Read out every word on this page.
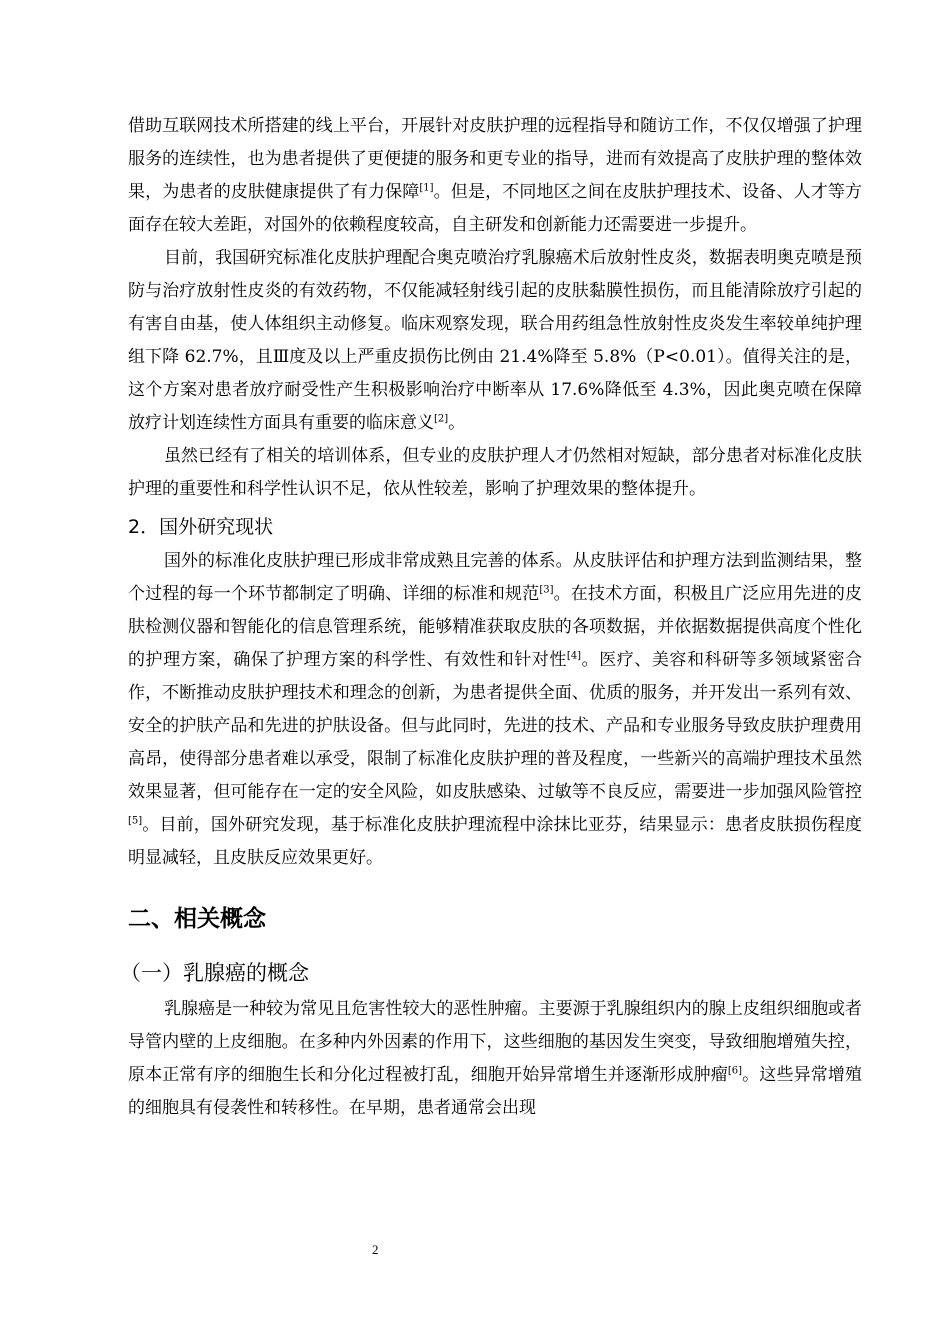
借助互联网技术所搭建的线上平台，开展针对皮肤护理的远程指导和随访工作，不仅仅增强了护理服务的连续性，也为患者提供了更便捷的服务和更专业的指导，进而有效提高了皮肤护理的整体效果，为患者的皮肤健康提供了有力保障[1]。但是，不同地区之间在皮肤护理技术、设备、人才等方面存在较大差距，对国外的依赖程度较高，自主研发和创新能力还需要进一步提升。

目前，我国研究标准化皮肤护理配合奥克喷治疗乳腺癌术后放射性皮炎，数据表明奥克喷是预防与治疗放射性皮炎的有效药物，不仅能减轻射线引起的皮肤黏膜性损伤，而且能清除放疗引起的有害自由基，使人体组织主动修复。临床观察发现，联合用药组急性放射性皮炎发生率较单纯护理组下降 62.7%，且Ⅲ度及以上严重皮损伤比例由 21.4%降至 5.8%（P<0.01）。值得关注的是，这个方案对患者放疗耐受性产生积极影响治疗中断率从 17.6%降低至 4.3%，因此奥克喷在保障放疗计划连续性方面具有重要的临床意义[2]。

虽然已经有了相关的培训体系，但专业的皮肤护理人才仍然相对短缺，部分患者对标准化皮肤护理的重要性和科学性认识不足，依从性较差，影响了护理效果的整体提升。

2．国外研究现状

国外的标准化皮肤护理已形成非常成熟且完善的体系。从皮肤评估和护理方法到监测结果，整个过程的每一个环节都制定了明确、详细的标准和规范[3]。在技术方面，积极且广泛应用先进的皮肤检测仪器和智能化的信息管理系统，能够精准获取皮肤的各项数据，并依据数据提供高度个性化的护理方案，确保了护理方案的科学性、有效性和针对性[4]。医疗、美容和科研等多领域紧密合作，不断推动皮肤护理技术和理念的创新，为患者提供全面、优质的服务，并开发出一系列有效、安全的护肤产品和先进的护肤设备。但与此同时，先进的技术、产品和专业服务导致皮肤护理费用高昂，使得部分患者难以承受，限制了标准化皮肤护理的普及程度，一些新兴的高端护理技术虽然效果显著，但可能存在一定的安全风险，如皮肤感染、过敏等不良反应，需要进一步加强风险管控[5]。目前，国外研究发现，基于标准化皮肤护理流程中涂抹比亚芬，结果显示：患者皮肤损伤程度明显减轻，且皮肤反应效果更好。

二、相关概念
（一）乳腺癌的概念

乳腺癌是一种较为常见且危害性较大的恶性肿瘤。主要源于乳腺组织内的腺上皮组织细胞或者导管内壁的上皮细胞。在多种内外因素的作用下，这些细胞的基因发生突变，导致细胞增殖失控，原本正常有序的细胞生长和分化过程被打乱，细胞开始异常增生并逐渐形成肿瘤[6]。这些异常增殖的细胞具有侵袭性和转移性。在早期，患者通常会出现

2
